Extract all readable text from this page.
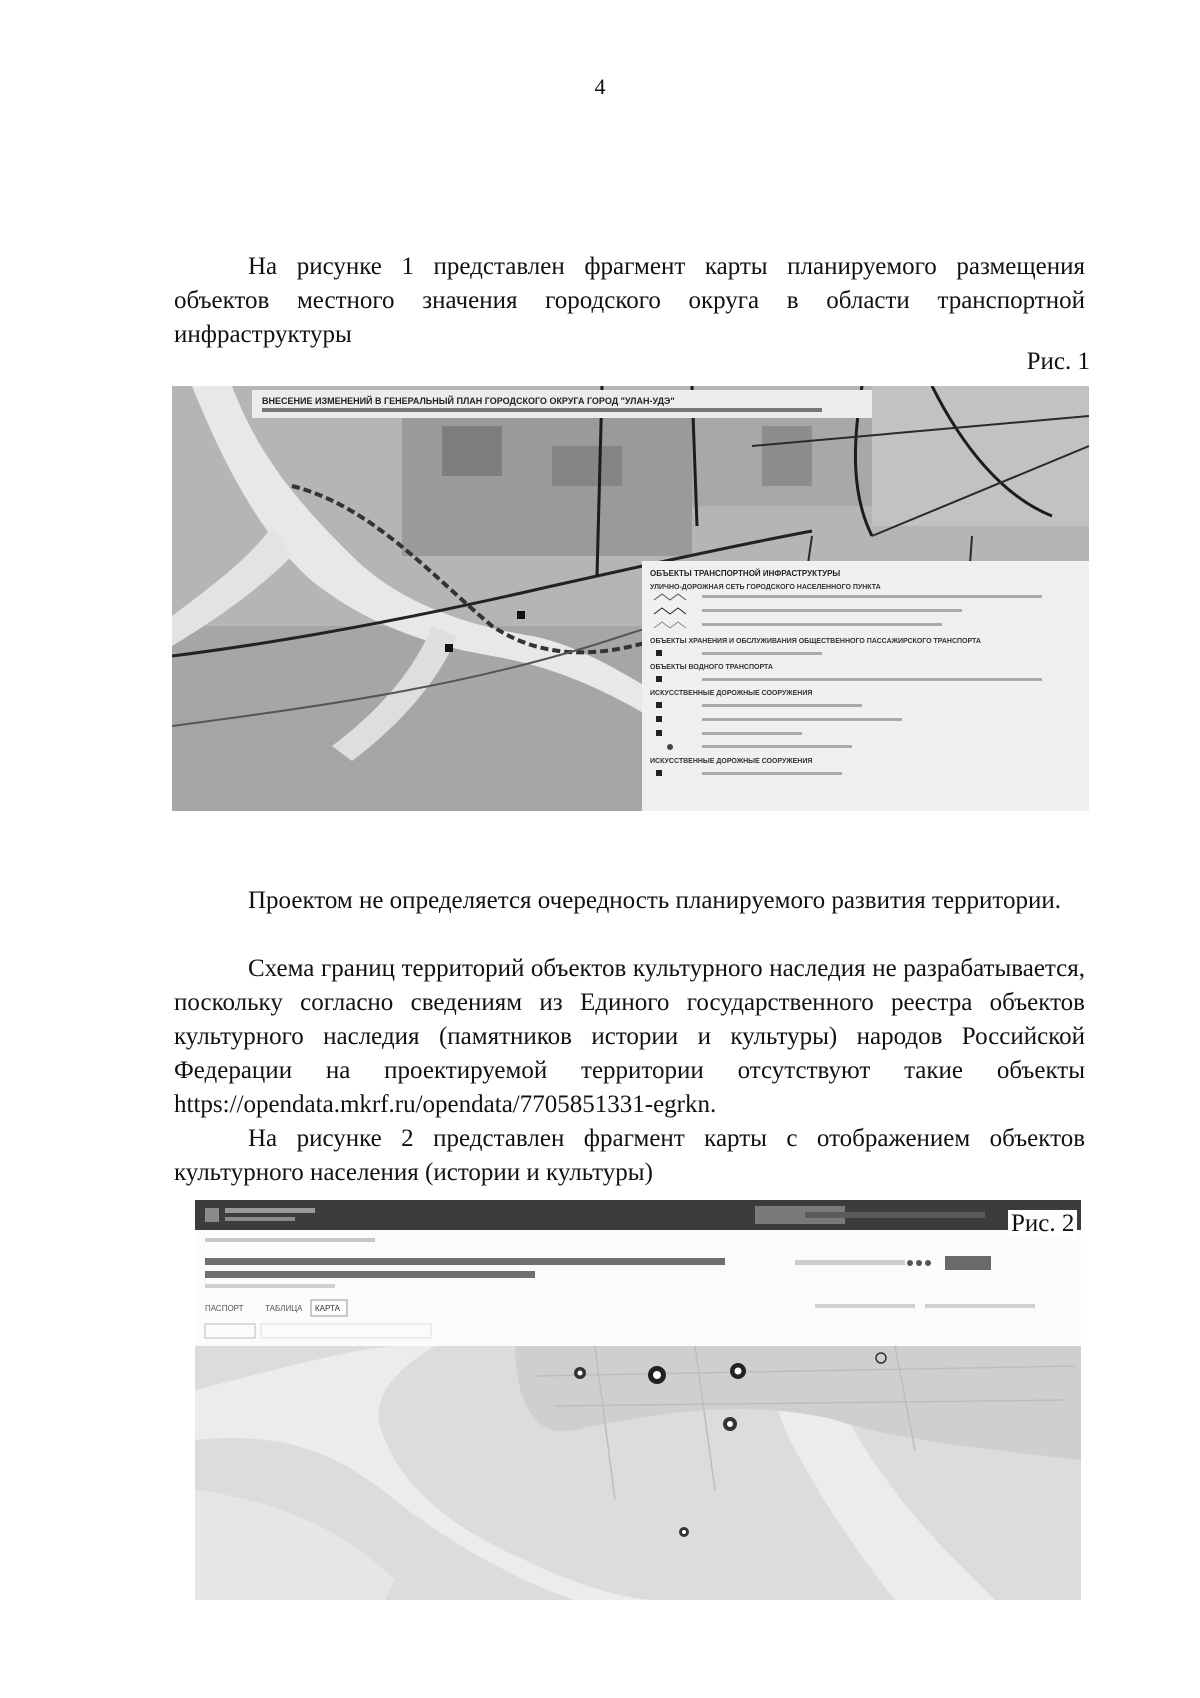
4

На рисунке 1 представлен фрагмент карты планируемого размещения объектов местного значения городского округа в области транспортной инфраструктуры

Рис. 1
ВНЕСЕНИЕ ИЗМЕНЕНИЙ В ГЕНЕРАЛЬНЫЙ ПЛАН ГОРОДСКОГО ОКРУГА ГОРОД "УЛАН-УДЭ"
ОБЪЕКТЫ ТРАНСПОРТНОЙ ИНФРАСТРУКТУРЫ
УЛИЧНО-ДОРОЖНАЯ СЕТЬ ГОРОДСКОГО НАСЕЛЕННОГО ПУНКТА
ОБЪЕКТЫ ХРАНЕНИЯ И ОБСЛУЖИВАНИЯ ОБЩЕСТВЕННОГО ПАССАЖИРСКОГО ТРАНСПОРТА
ОБЪЕКТЫ ВОДНОГО ТРАНСПОРТА
ИСКУССТВЕННЫЕ ДОРОЖНЫЕ СООРУЖЕНИЯ
ИСКУССТВЕННЫЕ ДОРОЖНЫЕ СООРУЖЕНИЯ

Проектом не определяется очередность планируемого развития территории.

Схема границ территорий объектов культурного наследия не разрабатывается, поскольку согласно сведениям из Единого государственного реестра объектов культурного наследия (памятников истории и культуры) народов Российской Федерации на проектируемой территории отсутствуют такие объекты https://opendata.mkrf.ru/opendata/7705851331-egrkn.

На рисунке 2 представлен фрагмент карты с отображением объектов культурного населения (истории и культуры)

ПАСПОРТ	ТАБЛИЦА КАРТА
Рис. 2
